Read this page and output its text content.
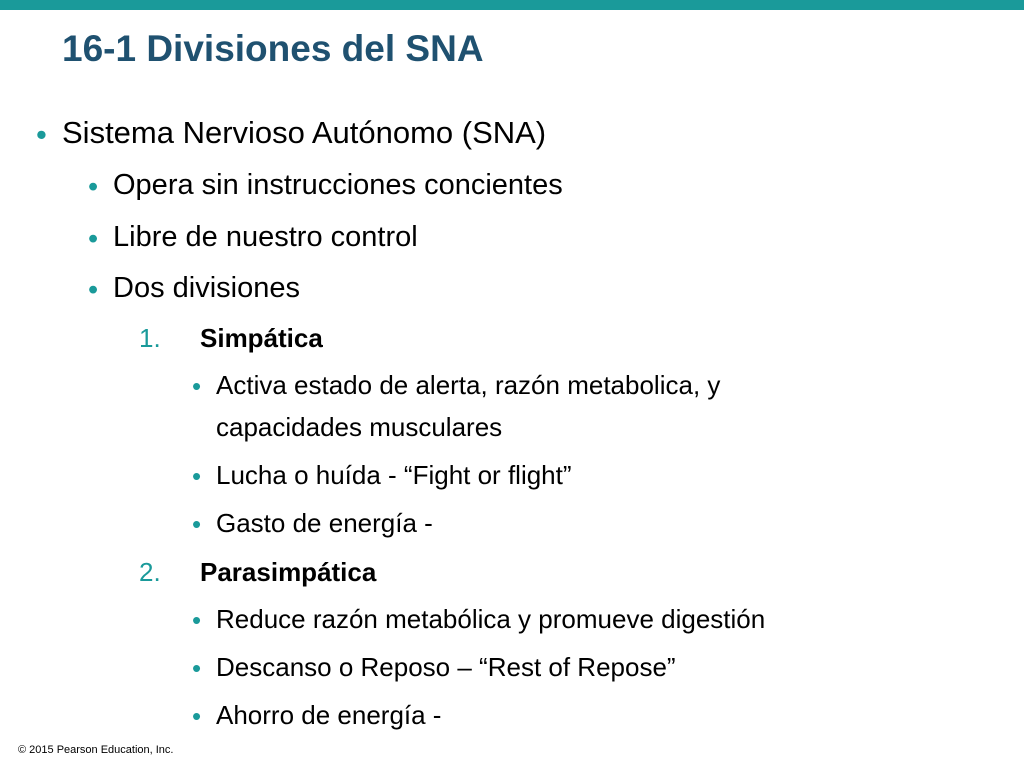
16-1 Divisiones del SNA
• Sistema Nervioso Autónomo (SNA)
• Opera sin instrucciones concientes
• Libre de nuestro control
• Dos divisiones
1. Simpática
• Activa estado de alerta, razón metabolica, y
capacidades musculares
• Lucha o huída - “Fight or flight”
• Gasto de energía -
2. Parasimpática
• Reduce razón metabólica y promueve digestión
• Descanso o Reposo – “Rest of Repose”
• Ahorro de energía -
© 2015 Pearson Education, Inc.
